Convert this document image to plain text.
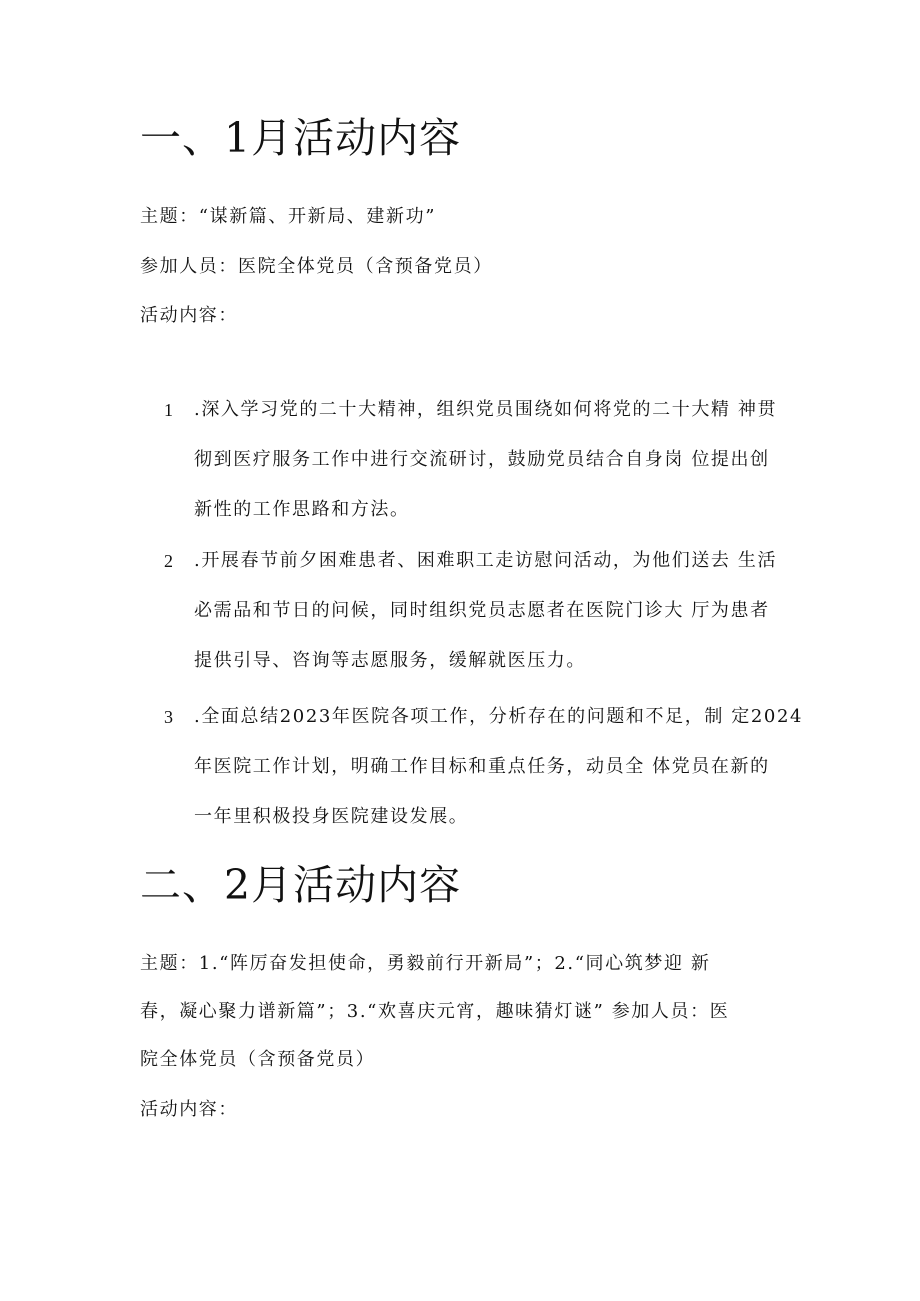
一、1月活动内容
主题：“谋新篇、开新局、建新功”
参加人员：医院全体党员（含预备党员）
活动内容：
1 .深入学习党的二十大精神，组织党员围绕如何将党的二十大精 神贯
彻到医疗服务工作中进行交流研讨，鼓励党员结合自身岗 位提出创
新性的工作思路和方法。
2 .开展春节前夕困难患者、困难职工走访慰问活动，为他们送去 生活
必需品和节日的问候，同时组织党员志愿者在医院门诊大 厅为患者
提供引导、咨询等志愿服务，缓解就医压力。
3 .全面总结2023年医院各项工作，分析存在的问题和不足，制 定2024
年医院工作计划，明确工作目标和重点任务，动员全 体党员在新的
一年里积极投身医院建设发展。
二、2月活动内容
主题：1.“阵厉奋发担使命，勇毅前行开新局”；2.“同心筑梦迎 新
春，凝心聚力谱新篇”；3.“欢喜庆元宵，趣味猜灯谜” 参加人员：医
院全体党员（含预备党员）
活动内容：
